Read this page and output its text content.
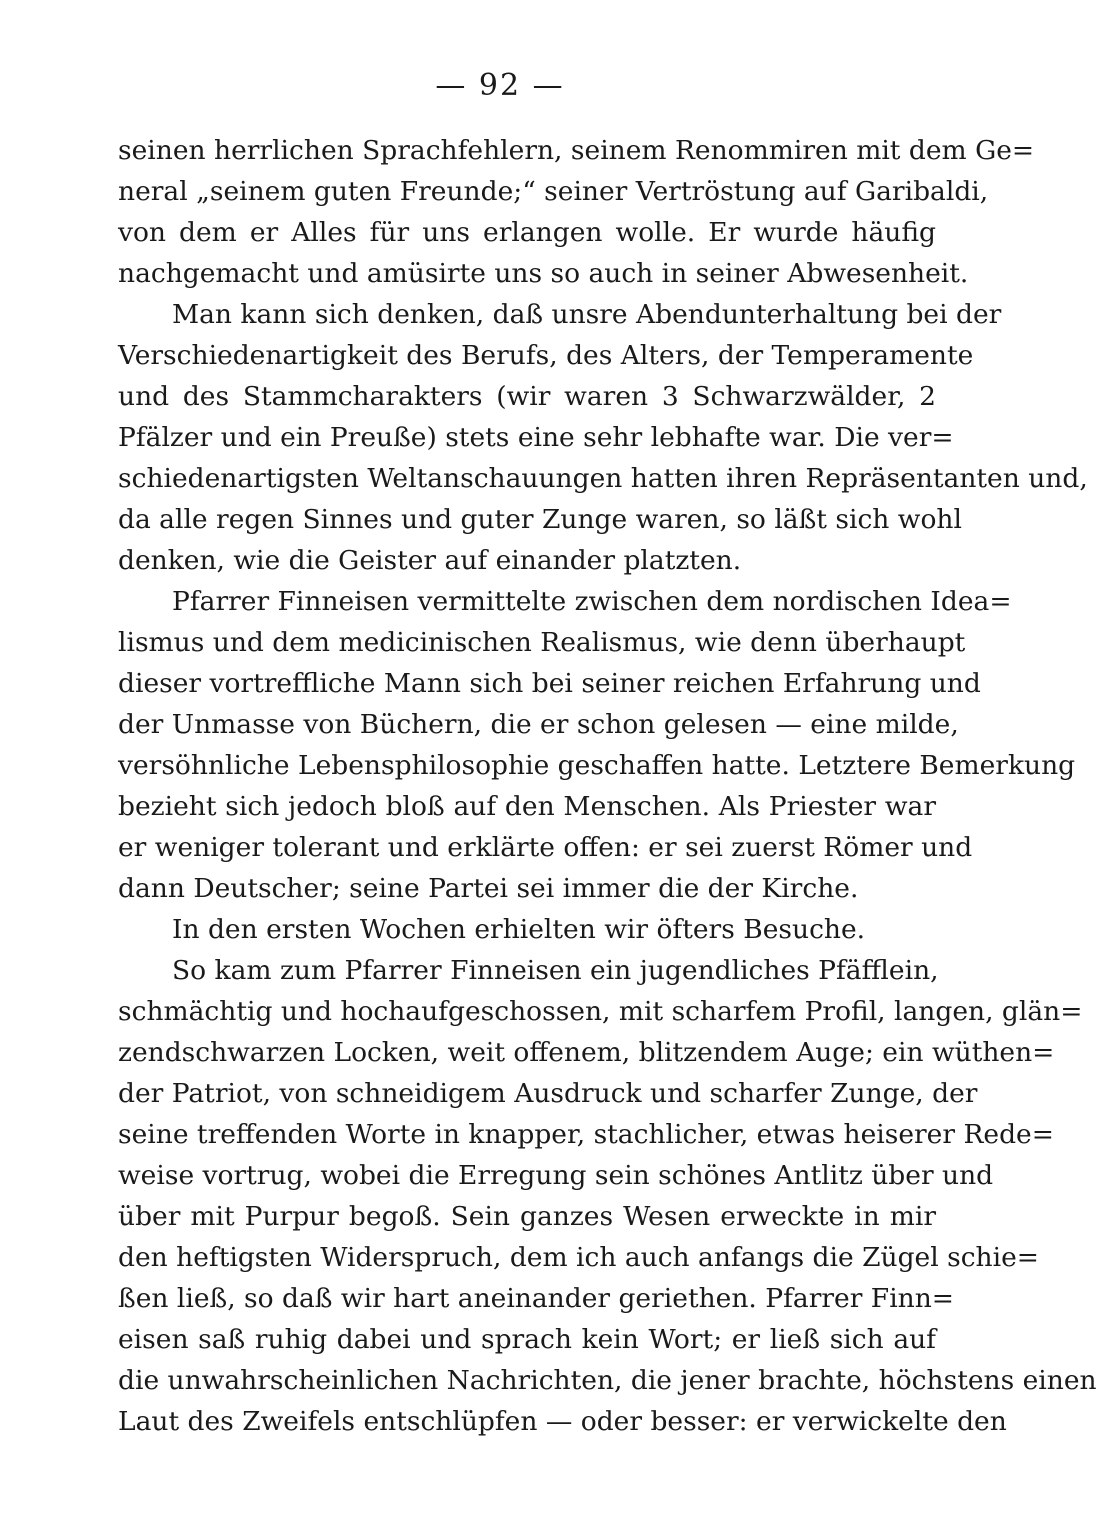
— 92 —
seinen herrlichen Sprachfehlern, seinem Renommiren mit dem Ge=
neral „seinem guten Freunde;“ seiner Vertröstung auf Garibaldi,
von dem er Alles für uns erlangen wolle. Er wurde häufig
nachgemacht und amüsirte uns so auch in seiner Abwesenheit.
Man kann sich denken, daß unsre Abendunterhaltung bei der
Verschiedenartigkeit des Berufs, des Alters, der Temperamente
und des Stammcharakters (wir waren 3 Schwarzwälder, 2
Pfälzer und ein Preuße) stets eine sehr lebhafte war. Die ver=
schiedenartigsten Weltanschauungen hatten ihren Repräsentanten und,
da alle regen Sinnes und guter Zunge waren, so läßt sich wohl
denken, wie die Geister auf einander platzten.
Pfarrer Finneisen vermittelte zwischen dem nordischen Idea=
lismus und dem medicinischen Realismus, wie denn überhaupt
dieser vortreffliche Mann sich bei seiner reichen Erfahrung und
der Unmasse von Büchern, die er schon gelesen — eine milde,
versöhnliche Lebensphilosophie geschaffen hatte. Letztere Bemerkung
bezieht sich jedoch bloß auf den Menschen. Als Priester war
er weniger tolerant und erklärte offen: er sei zuerst Römer und
dann Deutscher; seine Partei sei immer die der Kirche.
In den ersten Wochen erhielten wir öfters Besuche.
So kam zum Pfarrer Finneisen ein jugendliches Pfäfflein,
schmächtig und hochaufgeschossen, mit scharfem Profil, langen, glän=
zendschwarzen Locken, weit offenem, blitzendem Auge; ein wüthen=
der Patriot, von schneidigem Ausdruck und scharfer Zunge, der
seine treffenden Worte in knapper, stachlicher, etwas heiserer Rede=
weise vortrug, wobei die Erregung sein schönes Antlitz über und
über mit Purpur begoß. Sein ganzes Wesen erweckte in mir
den heftigsten Widerspruch, dem ich auch anfangs die Zügel schie=
ßen ließ, so daß wir hart aneinander geriethen. Pfarrer Finn=
eisen saß ruhig dabei und sprach kein Wort; er ließ sich auf
die unwahrscheinlichen Nachrichten, die jener brachte, höchstens einen
Laut des Zweifels entschlüpfen — oder besser: er verwickelte den
